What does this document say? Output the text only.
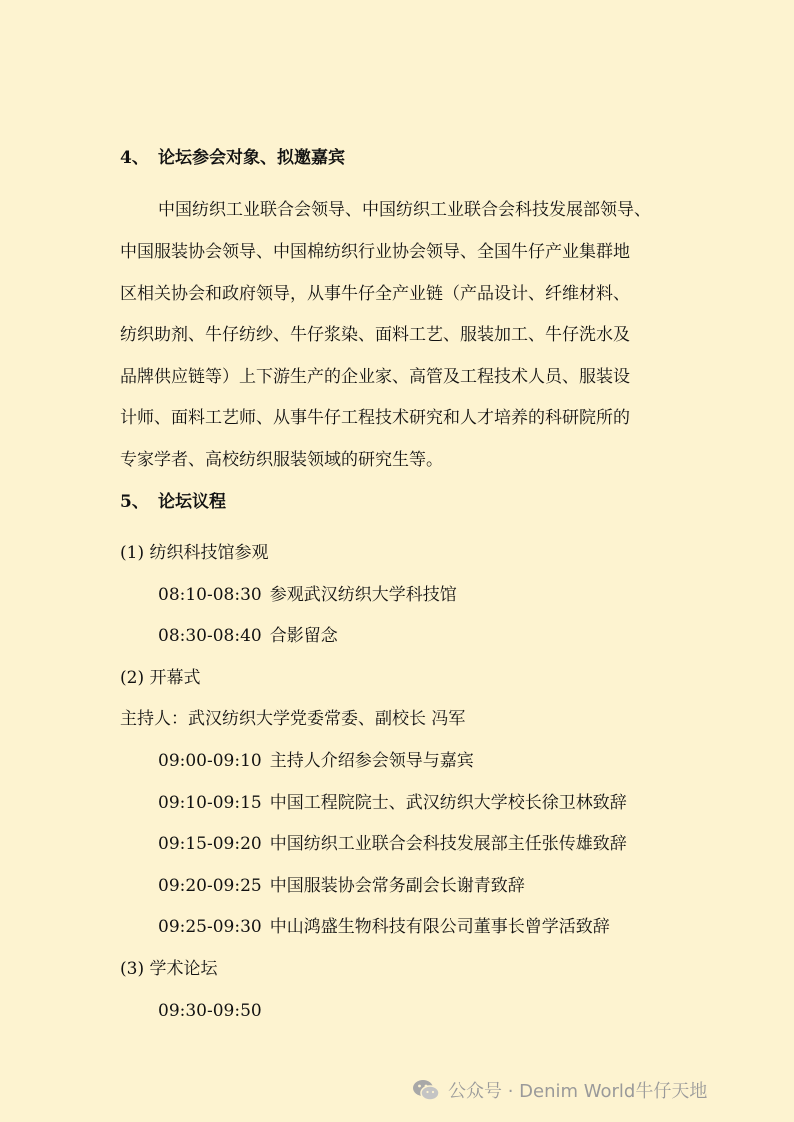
4、 论坛参会对象、拟邀嘉宾
中国纺织工业联合会领导、中国纺织工业联合会科技发展部领导、
中国服装协会领导、中国棉纺织行业协会领导、全国牛仔产业集群地
区相关协会和政府领导，从事牛仔全产业链（产品设计、纤维材料、
纺织助剂、牛仔纺纱、牛仔浆染、面料工艺、服装加工、牛仔洗水及
品牌供应链等）上下游生产的企业家、高管及工程技术人员、服装设
计师、面料工艺师、从事牛仔工程技术研究和人才培养的科研院所的
专家学者、高校纺织服装领域的研究生等。
5、 论坛议程
(1) 纺织科技馆参观
08:10-08:30 参观武汉纺织大学科技馆
08:30-08:40 合影留念
(2) 开幕式
主持人：武汉纺织大学党委常委、副校长 冯军
09:00-09:10 主持人介绍参会领导与嘉宾
09:10-09:15 中国工程院院士、武汉纺织大学校长徐卫林致辞
09:15-09:20 中国纺织工业联合会科技发展部主任张传雄致辞
09:20-09:25 中国服装协会常务副会长谢青致辞
09:25-09:30 中山鸿盛生物科技有限公司董事长曾学活致辞
(3) 学术论坛
09:30-09:50
公众号 · Denim World牛仔天地
